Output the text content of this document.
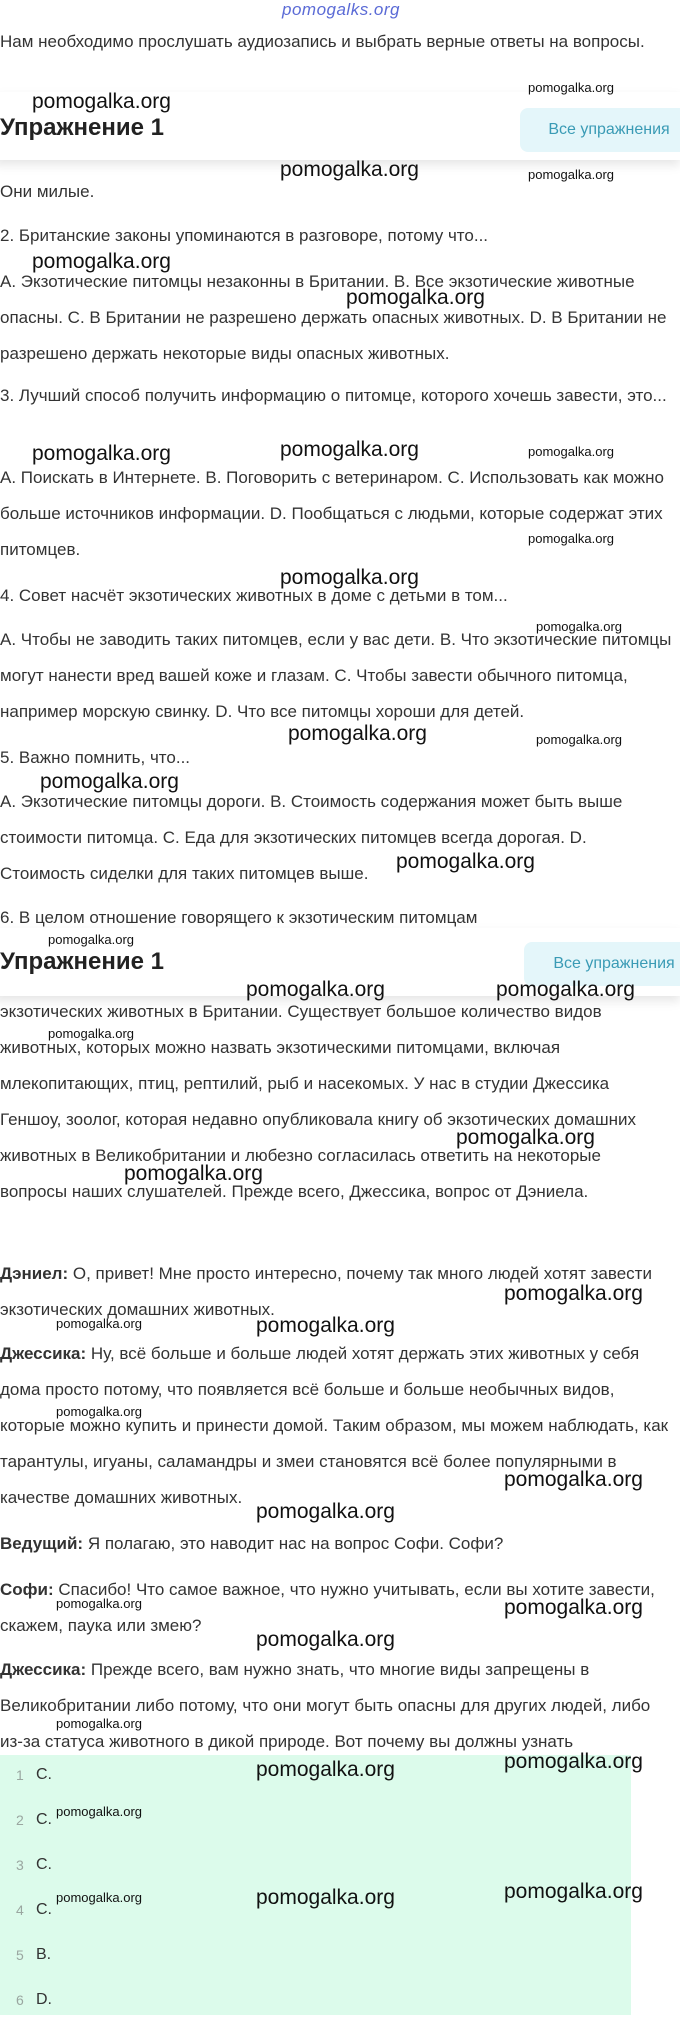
pomogalks.org

Нам необходимо прослушать аудиозапись и выбрать верные ответы на вопросы.

Упражнение 1	Все упражнения

Они милые.

2. Британские законы упоминаются в разговоре, потому что...

A. Экзотические питомцы незаконны в Британии. B. Все экзотические животные опасны. C. В Британии не разрешено держать опасных животных. D. В Британии не разрешено держать некоторые виды опасных животных.

3. Лучший способ получить информацию о питомце, которого хочешь завести, это...

A. Поискать в Интернете. B. Поговорить с ветеринаром. C. Использовать как можно больше источников информации. D. Пообщаться с людьми, которые содержат этих питомцев.

4. Совет насчёт экзотических животных в доме с детьми в том...

A. Чтобы не заводить таких питомцев, если у вас дети. B. Что экзотические питомцы могут нанести вред вашей коже и глазам. C. Чтобы завести обычного питомца, например морскую свинку. D. Что все питомцы хороши для детей.

5. Важно помнить, что...

A. Экзотические питомцы дороги. B. Стоимость содержания может быть выше стоимости питомца. C. Еда для экзотических питомцев всегда дорогая. D. Стоимость сиделки для таких питомцев выше.

6. В целом отношение говорящего к экзотическим питомцам

Упражнение 1	Все упражнения

экзотических животных в Британии. Существует большое количество видов животных, которых можно назвать экзотическими питомцами, включая млекопитающих, птиц, рептилий, рыб и насекомых. У нас в студии Джессика Геншоу, зоолог, которая недавно опубликовала книгу об экзотических домашних животных в Великобритании и любезно согласилась ответить на некоторые вопросы наших слушателей. Прежде всего, Джессика, вопрос от Дэниела.

Дэниел: О, привет! Мне просто интересно, почему так много людей хотят завести экзотических домашних животных.

Джессика: Ну, всё больше и больше людей хотят держать этих животных у себя дома просто потому, что появляется всё больше и больше необычных видов, которые можно купить и принести домой. Таким образом, мы можем наблюдать, как тарантулы, игуаны, саламандры и змеи становятся всё более популярными в качестве домашних животных.

Ведущий: Я полагаю, это наводит нас на вопрос Софи. Софи?

Софи: Спасибо! Что самое важное, что нужно учитывать, если вы хотите завести, скажем, паука или змею?

Джессика: Прежде всего, вам нужно знать, что многие виды запрещены в Великобритании либо потому, что они могут быть опасны для других людей, либо из-за статуса животного в дикой природе. Вот почему вы должны узнать

1 C.
2 C.
3 C.
4 C.
5 B.
6 D.
pomogalka.org
pomogalka.org
pomogalka.org	pomogalka.org
pomogalka.org
pomogalka.org
pomogalka.org	pomogalka.org	pomogalka.org
pomogalka.org
pomogalka.org
pomogalka.org
pomogalka.org	pomogalka.org
pomogalka.org
pomogalka.org
pomogalka.org
pomogalka.org	pomogalka.org
pomogalka.org
pomogalka.org
pomogalka.org
pomogalka.org
pomogalka.org	pomogalka.org
pomogalka.org
pomogalka.org
pomogalka.org
pomogalka.org	pomogalka.org
pomogalka.org
pomogalka.org
pomogalka.org
pomogalka.org
pomogalka.org
pomogalka.org	pomogalka.org	pomogalka.org
